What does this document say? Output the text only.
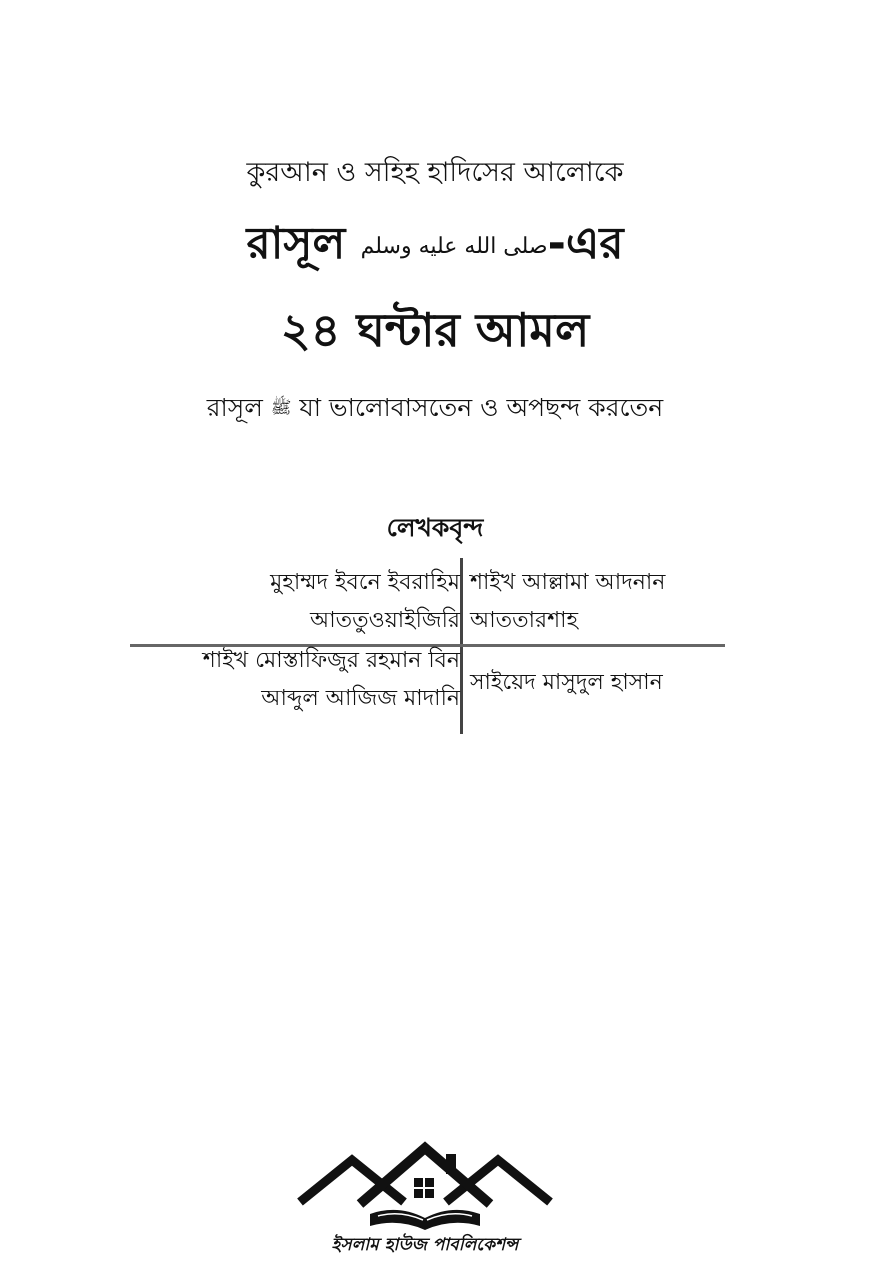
কুরআন ও সহিহ হাদিসের আলোকে
রাসূল صلى الله عليه وسلم-এর
২৪ ঘন্টার আমল
রাসূল ﷺ যা ভালোবাসতেন ও অপছন্দ করতেন
লেখকবৃন্দ
মুহাম্মদ ইবনে ইবরাহিম
আততুওয়াইজিরি
শাইখ আল্লামা আদনান
আততারশাহ
শাইখ মোস্তাফিজুর রহমান বিন
আব্দুল আজিজ মাদানি
সাইয়েদ মাসুদুল হাসান
ইসলাম হাউজ পাবলিকেশন্স
